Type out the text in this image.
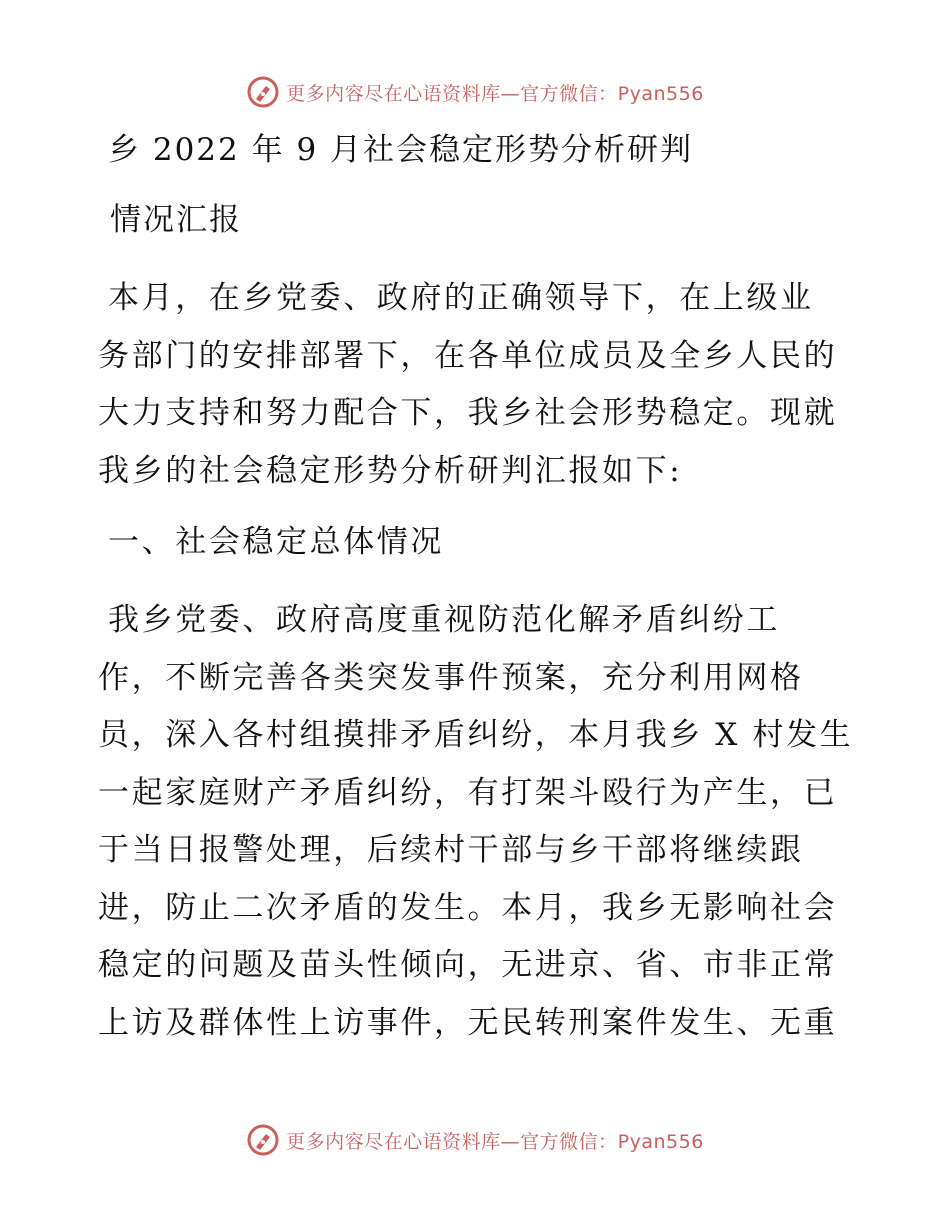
更多内容尽在心语资料库—官方微信：Pyan556
乡 2022 年 9 月社会稳定形势分析研判
情况汇报
本月，在乡党委、政府的正确领导下，在上级业
务部门的安排部署下，在各单位成员及全乡人民的
大力支持和努力配合下，我乡社会形势稳定。现就
我乡的社会稳定形势分析研判汇报如下:
一、社会稳定总体情况
我乡党委、政府高度重视防范化解矛盾纠纷工
作，不断完善各类突发事件预案，充分利用网格
员，深入各村组摸排矛盾纠纷，本月我乡 X 村发生
一起家庭财产矛盾纠纷，有打架斗殴行为产生，已
于当日报警处理，后续村干部与乡干部将继续跟
进，防止二次矛盾的发生。本月，我乡无影响社会
稳定的问题及苗头性倾向，无进京、省、市非正常
上访及群体性上访事件，无民转刑案件发生、无重
更多内容尽在心语资料库—官方微信：Pyan556
